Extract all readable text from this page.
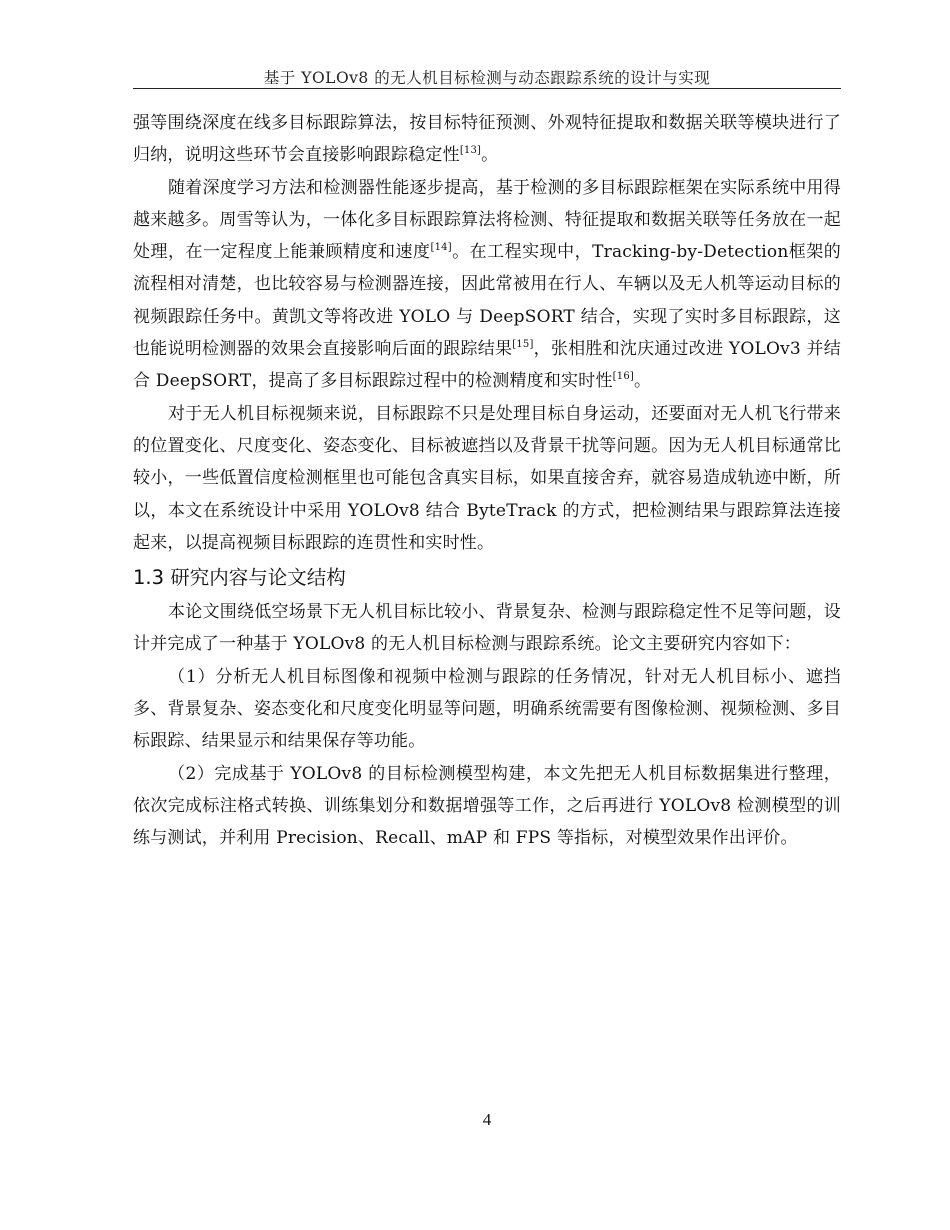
基于 YOLOv8 的无人机目标检测与动态跟踪系统的设计与实现

强等围绕深度在线多目标跟踪算法，按目标特征预测、外观特征提取和数据关联等模块进行了归纳，说明这些环节会直接影响跟踪稳定性[13]。

随着深度学习方法和检测器性能逐步提高，基于检测的多目标跟踪框架在实际系统中用得越来越多。周雪等认为，一体化多目标跟踪算法将检测、特征提取和数据关联等任务放在一起处理，在一定程度上能兼顾精度和速度[14]。在工程实现中，Tracking-by-Detection框架的流程相对清楚，也比较容易与检测器连接，因此常被用在行人、车辆以及无人机等运动目标的视频跟踪任务中。黄凯文等将改进 YOLO 与 DeepSORT 结合，实现了实时多目标跟踪，这也能说明检测器的效果会直接影响后面的跟踪结果[15]，张相胜和沈庆通过改进 YOLOv3 并结合 DeepSORT，提高了多目标跟踪过程中的检测精度和实时性[16]。

对于无人机目标视频来说，目标跟踪不只是处理目标自身运动，还要面对无人机飞行带来的位置变化、尺度变化、姿态变化、目标被遮挡以及背景干扰等问题。因为无人机目标通常比较小，一些低置信度检测框里也可能包含真实目标，如果直接舍弃，就容易造成轨迹中断，所以，本文在系统设计中采用 YOLOv8 结合 ByteTrack 的方式，把检测结果与跟踪算法连接起来，以提高视频目标跟踪的连贯性和实时性。

1.3 研究内容与论文结构

本论文围绕低空场景下无人机目标比较小、背景复杂、检测与跟踪稳定性不足等问题，设计并完成了一种基于 YOLOv8 的无人机目标检测与跟踪系统。论文主要研究内容如下：

（1）分析无人机目标图像和视频中检测与跟踪的任务情况，针对无人机目标小、遮挡多、背景复杂、姿态变化和尺度变化明显等问题，明确系统需要有图像检测、视频检测、多目标跟踪、结果显示和结果保存等功能。

（2）完成基于 YOLOv8 的目标检测模型构建，本文先把无人机目标数据集进行整理，依次完成标注格式转换、训练集划分和数据增强等工作，之后再进行 YOLOv8 检测模型的训练与测试，并利用 Precision、Recall、mAP 和 FPS 等指标，对模型效果作出评价。

4
